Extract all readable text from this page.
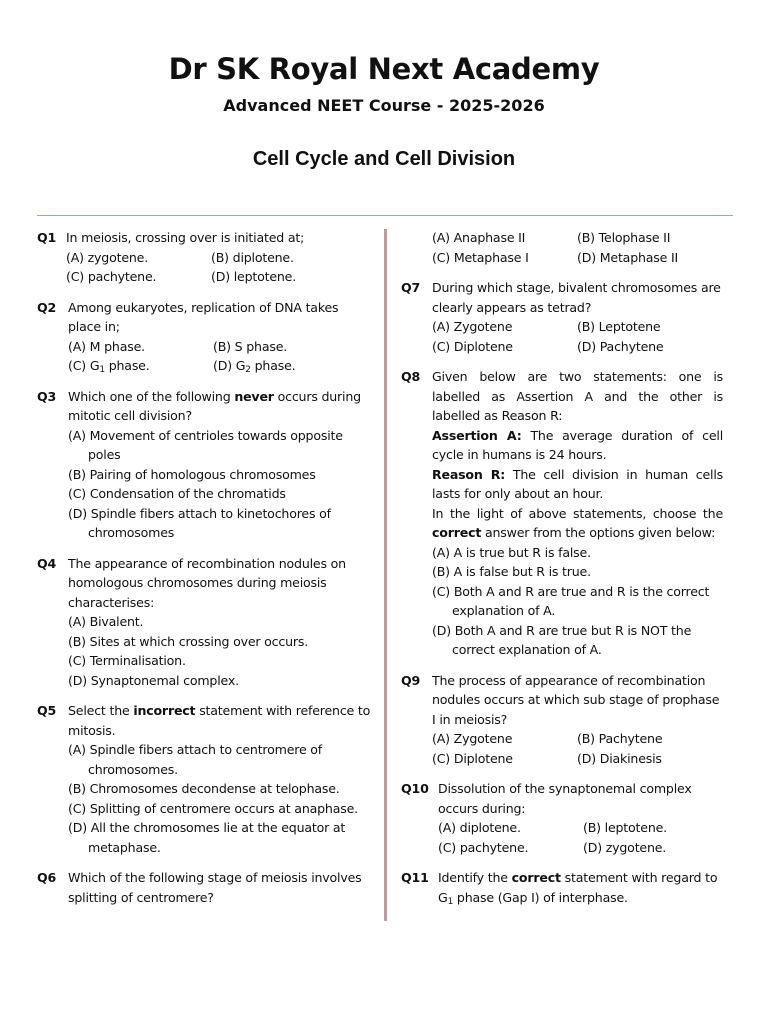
Dr SK Royal Next Academy
Advanced NEET Course - 2025-2026
Cell Cycle and Cell Division
Q1 In meiosis, crossing over is initiated at;
(A) zygotene.	(B) diplotene.
(C) pachytene.	(D) leptotene.
Q2 Among eukaryotes, replication of DNA takes place in;
(A) M phase.	(B) S phase.
(C) $G_1$ phase.	(D) $G_2$ phase.
Q3 Which one of the following never occurs during mitotic cell division?
(A) Movement of centrioles towards opposite poles
(B) Pairing of homologous chromosomes
(C) Condensation of the chromatids
(D) Spindle fibers attach to kinetochores of chromosomes
Q4 The appearance of recombination nodules on homologous chromosomes during meiosis characterises:
(A) Bivalent.
(B) Sites at which crossing over occurs.
(C) Terminalisation.
(D) Synaptonemal complex.
Q5 Select the incorrect statement with reference to mitosis.
(A) Spindle fibers attach to centromere of chromosomes.
(B) Chromosomes decondense at telophase.
(C) Splitting of centromere occurs at anaphase.
(D) All the chromosomes lie at the equator at metaphase.
Q6 Which of the following stage of meiosis involves splitting of centromere?
(A) Anaphase II	(B) Telophase II
(C) Metaphase I	(D) Metaphase II
Q7 During which stage, bivalent chromosomes are clearly appears as tetrad?
(A) Zygotene	(B) Leptotene
(C) Diplotene	(D) Pachytene
Q8 Given below are two statements: one is labelled as Assertion A and the other is labelled as Reason R:
Assertion A: The average duration of cell cycle in humans is 24 hours.
Reason R: The cell division in human cells lasts for only about an hour.
In the light of above statements, choose the correct answer from the options given below:
(A) A is true but R is false.
(B) A is false but R is true.
(C) Both A and R are true and R is the correct explanation of A.
(D) Both A and R are true but R is NOT the correct explanation of A.
Q9 The process of appearance of recombination nodules occurs at which sub stage of prophase I in meiosis?
(A) Zygotene	(B) Pachytene
(C) Diplotene	(D) Diakinesis
Q10 Dissolution of the synaptonemal complex occurs during:
(A) diplotene.	(B) leptotene.
(C) pachytene.	(D) zygotene.
Q11 Identify the correct statement with regard to $G_1$ phase (Gap I) of interphase.
